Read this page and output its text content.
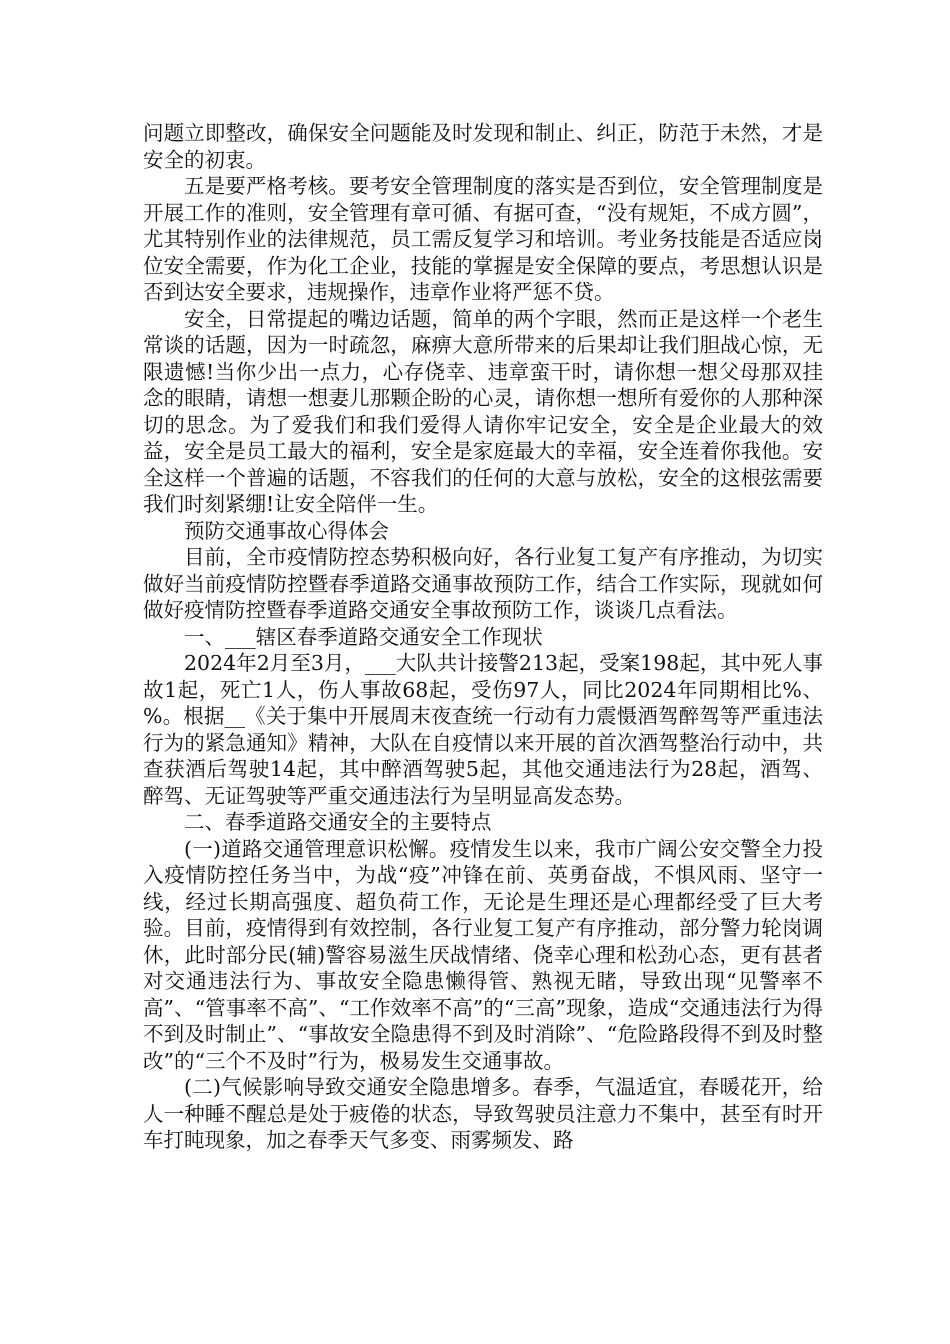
问题立即整改，确保安全问题能及时发现和制止、纠正，防范于未然，才是安全的初衷。

五是要严格考核。要考安全管理制度的落实是否到位，安全管理制度是开展工作的准则，安全管理有章可循、有据可查，“没有规矩，不成方圆”，尤其特别作业的法律规范，员工需反复学习和培训。考业务技能是否适应岗位安全需要，作为化工企业，技能的掌握是安全保障的要点，考思想认识是否到达安全要求，违规操作，违章作业将严惩不贷。

安全，日常提起的嘴边话题，简单的两个字眼，然而正是这样一个老生常谈的话题，因为一时疏忽，麻痹大意所带来的后果却让我们胆战心惊，无限遗憾!当你少出一点力，心存侥幸、违章蛮干时，请你想一想父母那双挂念的眼睛，请想一想妻儿那颗企盼的心灵，请你想一想所有爱你的人那种深切的思念。为了爱我们和我们爱得人请你牢记安全，安全是企业最大的效益，安全是员工最大的福利，安全是家庭最大的幸福，安全连着你我他。安全这样一个普遍的话题，不容我们的任何的大意与放松，安全的这根弦需要我们时刻紧绷!让安全陪伴一生。

预防交通事故心得体会

目前，全市疫情防控态势积极向好，各行业复工复产有序推动，为切实做好当前疫情防控暨春季道路交通事故预防工作，结合工作实际，现就如何做好疫情防控暨春季道路交通安全事故预防工作，谈谈几点看法。

一、___辖区春季道路交通安全工作现状

2024年2月至3月，___大队共计接警213起，受案198起，其中死人事故1起，死亡1人，伤人事故68起，受伤97人，同比2024年同期相比%、%。根据__《关于集中开展周末夜查统一行动有力震慑酒驾醉驾等严重违法行为的紧急通知》精神，大队在自疫情以来开展的首次酒驾整治行动中，共查获酒后驾驶14起，其中醉酒驾驶5起，其他交通违法行为28起，酒驾、醉驾、无证驾驶等严重交通违法行为呈明显高发态势。

二、春季道路交通安全的主要特点

(一)道路交通管理意识松懈。疫情发生以来，我市广阔公安交警全力投入疫情防控任务当中，为战“疫”冲锋在前、英勇奋战，不惧风雨、坚守一线，经过长期高强度、超负荷工作，无论是生理还是心理都经受了巨大考验。目前，疫情得到有效控制，各行业复工复产有序推动，部分警力轮岗调休，此时部分民(辅)警容易滋生厌战情绪、侥幸心理和松劲心态，更有甚者对交通违法行为、事故安全隐患懒得管、熟视无睹，导致出现“见警率不高”、“管事率不高”、“工作效率不高”的“三高”现象，造成“交通违法行为得不到及时制止”、“事故安全隐患得不到及时消除”、“危险路段得不到及时整改”的“三个不及时”行为，极易发生交通事故。

(二)气候影响导致交通安全隐患增多。春季，气温适宜，春暖花开，给人一种睡不醒总是处于疲倦的状态，导致驾驶员注意力不集中，甚至有时开车打盹现象，加之春季天气多变、雨雾频发、路
